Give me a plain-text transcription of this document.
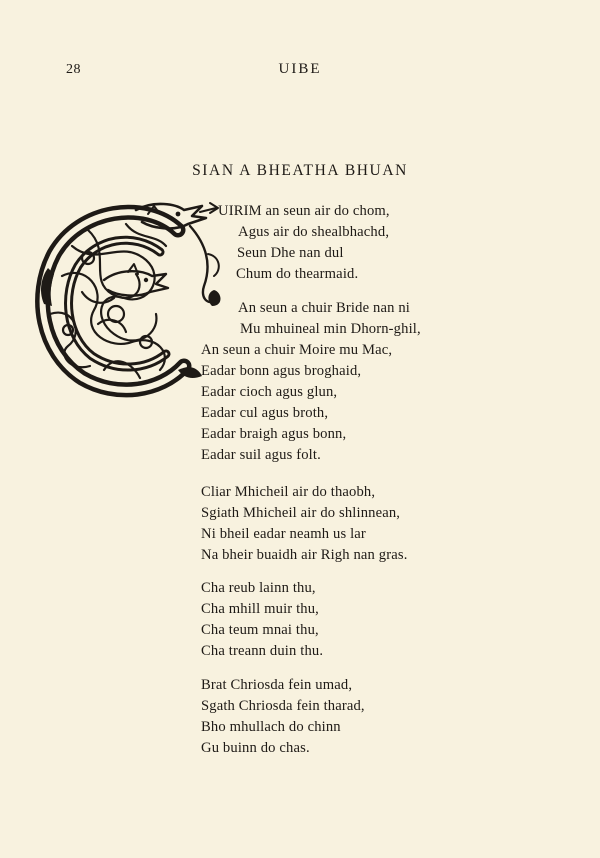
28	UIBE
SIAN A BHEATHA BHUAN
UIRIM an seun air do chom,
Agus air do shealbhachd,
Seun Dhe nan dul
Chum do thearmaid.
An seun a chuir Bride nan ni
Mu mhuineal min Dhorn-ghil,
An seun a chuir Moire mu Mac,
Eadar bonn agus broghaid,
Eadar cioch agus glun,
Eadar cul agus broth,
Eadar braigh agus bonn,
Eadar suil agus folt.
Cliar Mhicheil air do thaobh,
Sgiath Mhicheil air do shlinnean,
Ni bheil eadar neamh us lar
Na bheir buaidh air Righ nan gras.
Cha reub lainn thu,
Cha mhill muir thu,
Cha teum mnai thu,
Cha treann duin thu.
Brat Chriosda fein umad,
Sgath Chriosda fein tharad,
Bho mhullach do chinn
Gu buinn do chas.
